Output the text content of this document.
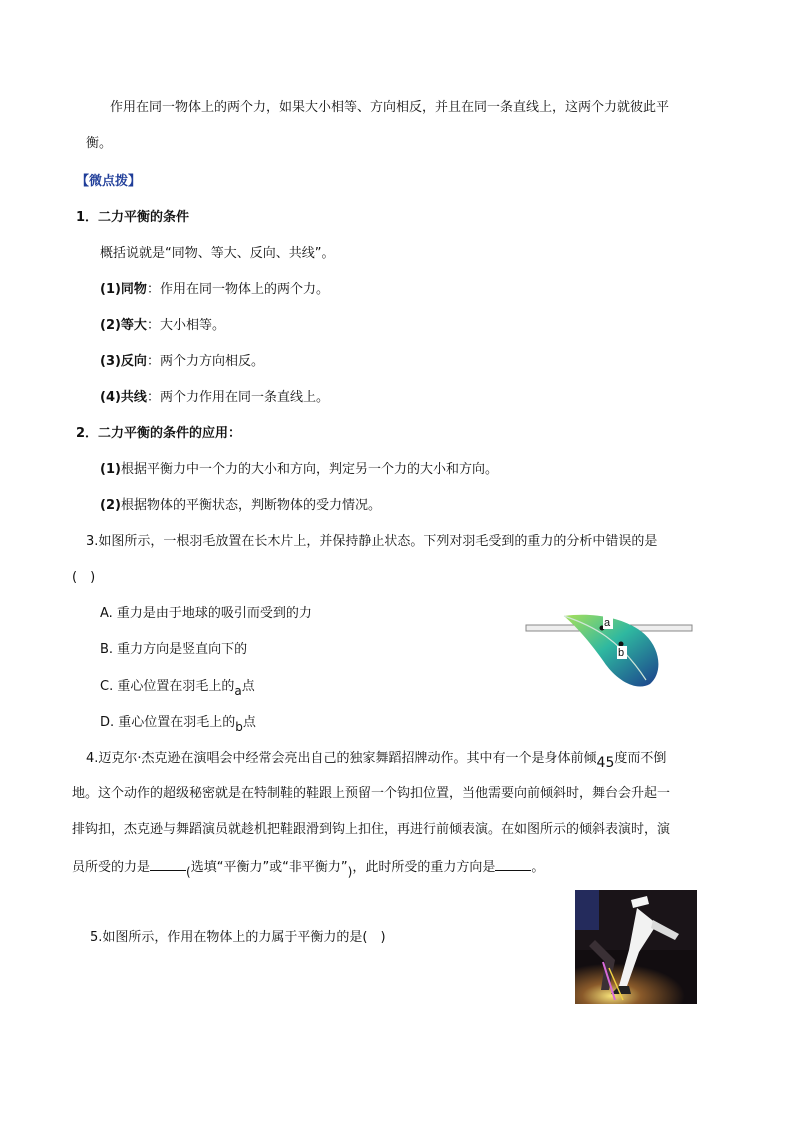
作用在同一物体上的两个力，如果大小相等、方向相反，并且在同一条直线上，这两个力就彼此平
衡。
【微点拨】
1．二力平衡的条件
概括说就是“同物、等大、反向、共线”。
(1)同物：作用在同一物体上的两个力。
(2)等大：大小相等。
(3)反向：两个力方向相反。
(4)共线：两个力作用在同一条直线上。
2．二力平衡的条件的应用：
(1)根据平衡力中一个力的大小和方向，判定另一个力的大小和方向。
(2)根据物体的平衡状态，判断物体的受力情况。
3.如图所示，一根羽毛放置在长木片上，并保持静止状态。下列对羽毛受到的重力的分析中错误的是
(　)
A. 重力是由于地球的吸引而受到的力
B. 重力方向是竖直向下的
C. 重心位置在羽毛上的a点
D. 重心位置在羽毛上的b点
a
b
4.迈克尔·杰克逊在演唱会中经常会亮出自己的独家舞蹈招牌动作。其中有一个是身体前倾45度而不倒
地。这个动作的超级秘密就是在特制鞋的鞋跟上预留一个钩扣位置，当他需要向前倾斜时，舞台会升起一
排钩扣，杰克逊与舞蹈演员就趁机把鞋跟滑到钩上扣住，再进行前倾表演。在如图所示的倾斜表演时，演
员所受的力是	(选填“平衡力”或“非平衡力”)，此时所受的重力方向是	。
5.如图所示，作用在物体上的力属于平衡力的是(　)
